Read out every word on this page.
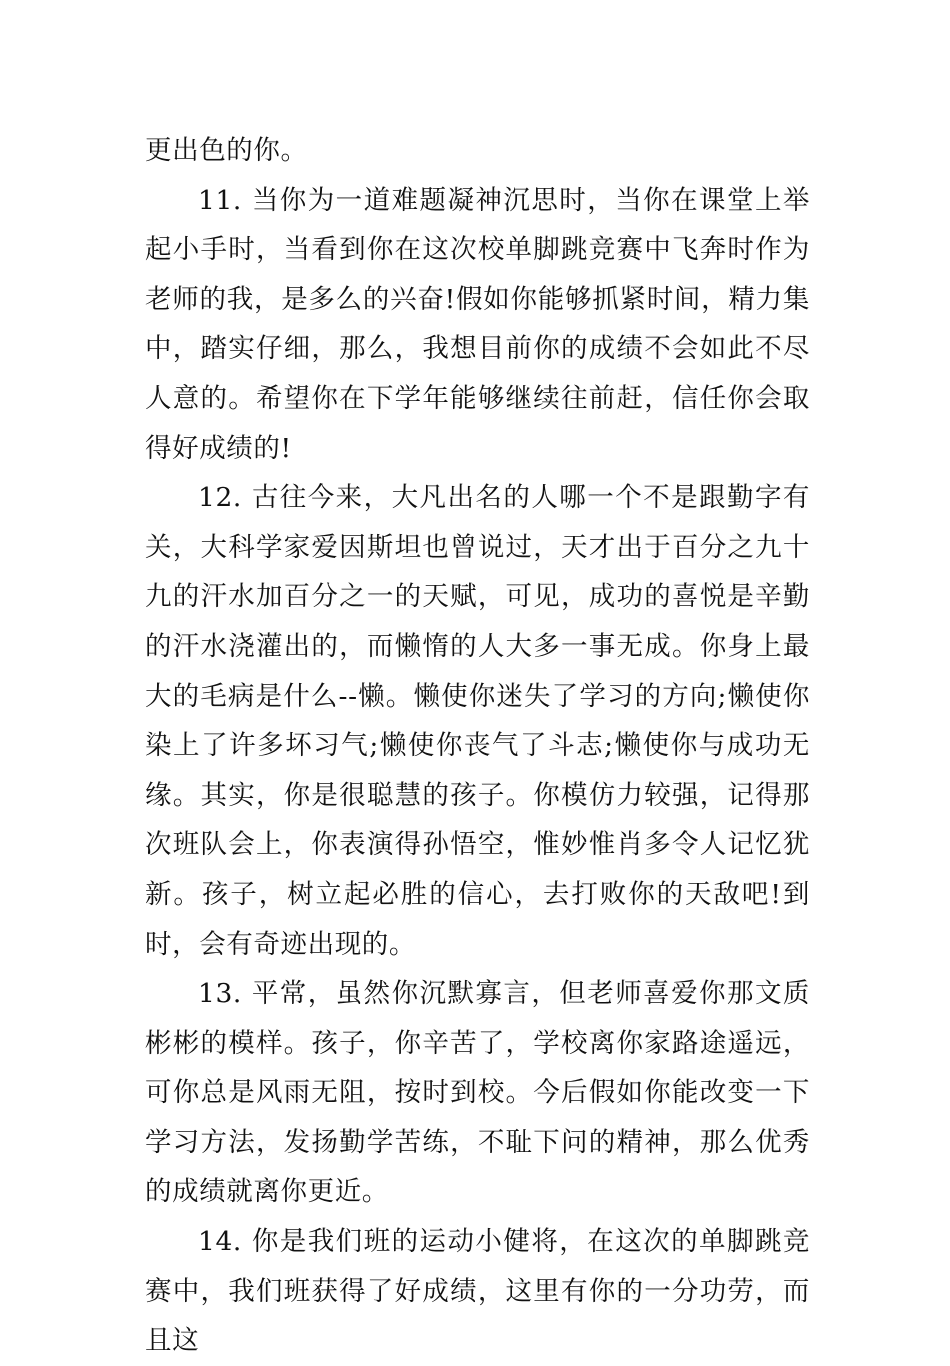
更出色的你。

11. 当你为一道难题凝神沉思时，当你在课堂上举起小手时，当看到你在这次校单脚跳竞赛中飞奔时作为老师的我，是多么的兴奋!假如你能够抓紧时间，精力集中，踏实仔细，那么，我想目前你的成绩不会如此不尽人意的。希望你在下学年能够继续往前赶，信任你会取得好成绩的!

12. 古往今来，大凡出名的人哪一个不是跟勤字有关，大科学家爱因斯坦也曾说过，天才出于百分之九十九的汗水加百分之一的天赋，可见，成功的喜悦是辛勤的汗水浇灌出的，而懒惰的人大多一事无成。你身上最大的毛病是什么--懒。懒使你迷失了学习的方向;懒使你染上了许多坏习气;懒使你丧气了斗志;懒使你与成功无缘。其实，你是很聪慧的孩子。你模仿力较强，记得那次班队会上，你表演得孙悟空，惟妙惟肖多令人记忆犹新。孩子，树立起必胜的信心，去打败你的天敌吧!到时，会有奇迹出现的。

13. 平常，虽然你沉默寡言，但老师喜爱你那文质彬彬的模样。孩子，你辛苦了，学校离你家路途遥远，可你总是风雨无阻，按时到校。今后假如你能改变一下学习方法，发扬勤学苦练，不耻下问的精神，那么优秀的成绩就离你更近。

14. 你是我们班的运动小健将，在这次的单脚跳竞赛中，我们班获得了好成绩，这里有你的一分功劳，而且这
